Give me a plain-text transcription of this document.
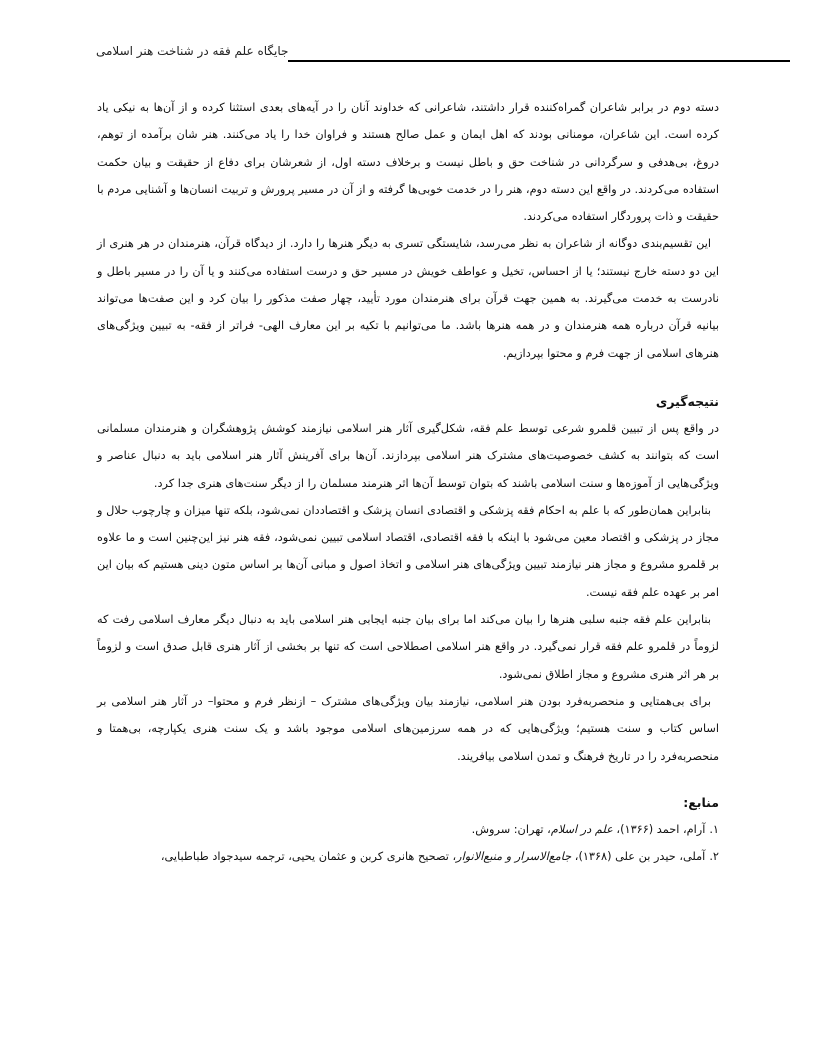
جایگاه علم فقه در شناخت هنر اسلامی

دسته دوم در برابر شاعران گمراه‌کننده قرار داشتند، شاعرانی که خداوند آنان را در آیه‌های بعدی استثنا کرده و از آن‌ها به نیکی یاد کرده است. این شاعران، مومنانی بودند که اهل ایمان و عمل صالح هستند و فراوان خدا را یاد می‌کنند. هنر شان برآمده از توهم، دروغ، بی‌هدفی و سرگردانی در شناخت حق و باطل نیست و برخلاف دسته اول، از شعرشان برای دفاع از حقیقت و بیان حکمت استفاده می‌کردند. در واقع این دسته دوم، هنر را در خدمت خوبی‌ها گرفته و از آن در مسیر پرورش و تربیت انسان‌ها و آشنایی مردم با حقیقت و ذات پروردگار استفاده می‌کردند.

این تقسیم‌بندی دوگانه از شاعران به نظر می‌رسد، شایستگی تسری به دیگر هنرها را دارد. از دیدگاه قرآن، هنرمندان در هر هنری از این دو دسته خارج نیستند؛ یا از احساس، تخیل و عواطف خویش در مسیر حق و درست استفاده می‌کنند و یا آن را در مسیر باطل و نادرست به خدمت می‌گیرند. به همین جهت قرآن برای هنرمندان مورد تأیید، چهار صفت مذکور را بیان کرد و این صفت‌ها می‌تواند بیانیه قرآن درباره همه هنرمندان و در همه هنرها باشد. ما می‌توانیم با تکیه بر این معارف الهی- فراتر از فقه- به تبیین ویژگی‌های هنرهای اسلامی از جهت فرم و محتوا بپردازیم.

نتیجه‌گیری

در واقع پس از تبیین قلمرو شرعی توسط علم فقه، شکل‌گیری آثار هنر اسلامی نیازمند کوشش پژوهشگران و هنرمندان مسلمانی است که بتوانند به کشف خصوصیت‌های مشترک هنر اسلامی بپردازند. آن‌ها برای آفرینش آثار هنر اسلامی باید به دنبال عناصر و ویژگی‌هایی از آموزه‌ها و سنت اسلامی باشند که بتوان توسط آن‌ها اثر هنرمند مسلمان را از دیگر سنت‌های هنری جدا کرد.

بنابراین همان‌طور که با علم به احکام فقه پزشکی و اقتصادی انسان پزشک و اقتصاددان نمی‌شود، بلکه تنها میزان و چارچوب حلال و مجاز در پزشکی و اقتصاد معین می‌شود با اینکه با فقه اقتصادی، اقتصاد اسلامی تبیین نمی‌شود، فقه هنر نیز این‌چنین است و ما علاوه بر قلمرو مشروع و مجاز هنر نیازمند تبیین ویژگی‌های هنر اسلامی و اتخاذ اصول و مبانی آن‌ها بر اساس متون دینی هستیم که بیان این امر بر عهده علم فقه نیست.

بنابراین علم فقه جنبه سلبی هنرها را بیان می‌کند اما برای بیان جنبه ایجابی هنر اسلامی باید به دنبال دیگر معارف اسلامی رفت که لزوماً در قلمرو علم فقه قرار نمی‌گیرد. در واقع هنر اسلامی اصطلاحی است که تنها بر بخشی از آثار هنری قابل صدق است و لزوماً بر هر اثر هنری مشروع و مجاز اطلاق نمی‌شود.

برای بی‌همتایی و منحصربه‌فرد بودن هنر اسلامی، نیازمند بیان ویژگی‌های مشترک – ازنظر فرم و محتوا– در آثار هنر اسلامی بر اساس کتاب و سنت هستیم؛ ویژگی‌هایی که در همه سرزمین‌های اسلامی موجود باشد و یک سنت هنری یکپارچه، بی‌همتا و منحصربه‌فرد را در تاریخ فرهنگ و تمدن اسلامی بیافریند.

منابع:
۱.آرام، احمد (۱۳۶۶)، علم در اسلام، تهران: سروش.
۲.آملی، حیدر بن علی (۱۳۶۸)، جامع‌الاسرار و منبع‌الانوار، تصحیح هانری کربن و عثمان یحیی، ترجمه سیدجواد طباطبایی،
